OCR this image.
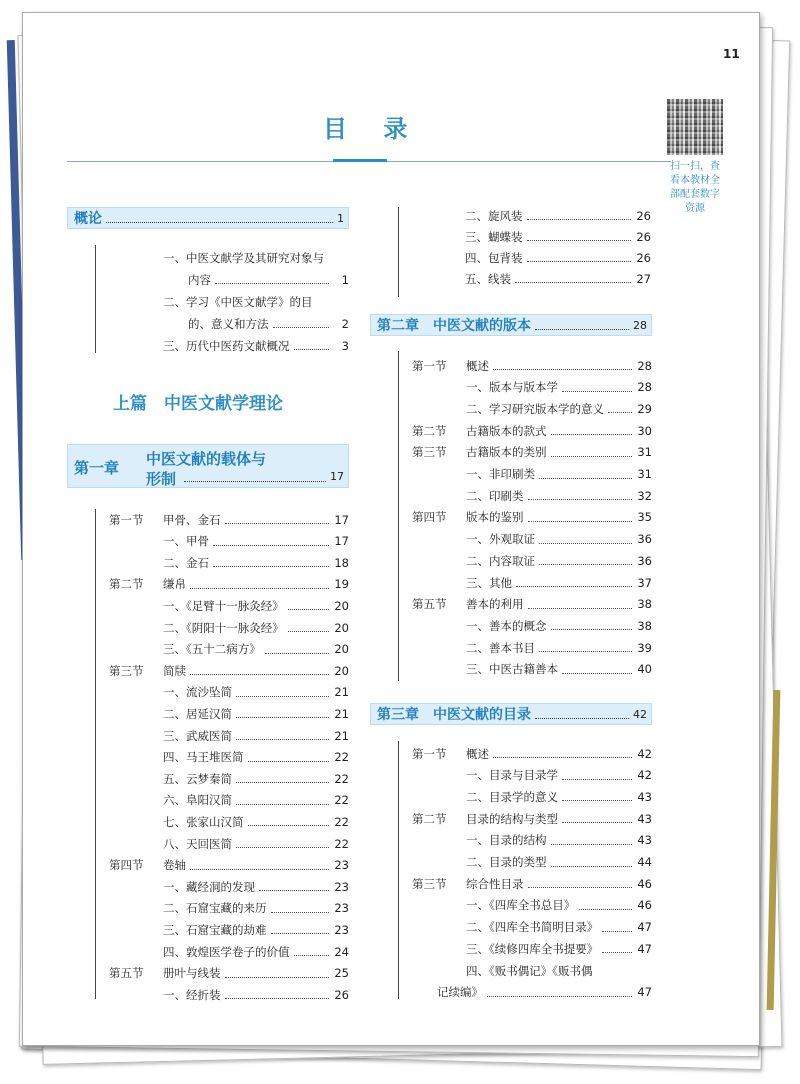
11
目 录
扫一扫，查
看本教材全
部配套数字
资源
概论	1
一、中医文献学及其研究对象与
内容	1
二、学习《中医文献学》的目
的、意义和方法	2
三、历代中医药文献概况	3
上篇　中医文献学理论
第一章 中医文献的载体与
形制	17
第一节	甲骨、金石	17
一、甲骨	17
二、金石	18
第二节	缣帛	19
一、《足臂十一脉灸经》	20
二、《阴阳十一脉灸经》	20
三、《五十二病方》	20
第三节	简牍	20
一、流沙坠简	21
二、居延汉简	21
三、武威医简	21
四、马王堆医简	22
五、云梦秦简	22
六、阜阳汉简	22
七、张家山汉简	22
八、天回医简	22
第四节	卷轴	23
一、藏经洞的发现	23
二、石窟宝藏的来历	23
三、石窟宝藏的劫难	23
四、敦煌医学卷子的价值	24
第五节	册叶与线装	25
一、经折装	26
二、旋风装	26
三、蝴蝶装	26
四、包背装	26
五、线装	27
第二章　中医文献的版本	28
第一节	概述	28
一、版本与版本学	28
二、学习研究版本学的意义	29
第二节	古籍版本的款式	30
第三节	古籍版本的类别	31
一、非印刷类	31
二、印刷类	32
第四节	版本的鉴别	35
一、外观取证	36
二、内容取证	36
三、其他	37
第五节	善本的利用	38
一、善本的概念	38
二、善本书目	39
三、中医古籍善本	40
第三章　中医文献的目录	42
第一节	概述	42
一、目录与目录学	42
二、目录学的意义	43
第二节	目录的结构与类型	43
一、目录的结构	43
二、目录的类型	44
第三节	综合性目录	46
一、《四库全书总目》	46
二、《四库全书简明目录》	47
三、《续修四库全书提要》	47
四、《贩书偶记》《贩书偶
记续编》	47
